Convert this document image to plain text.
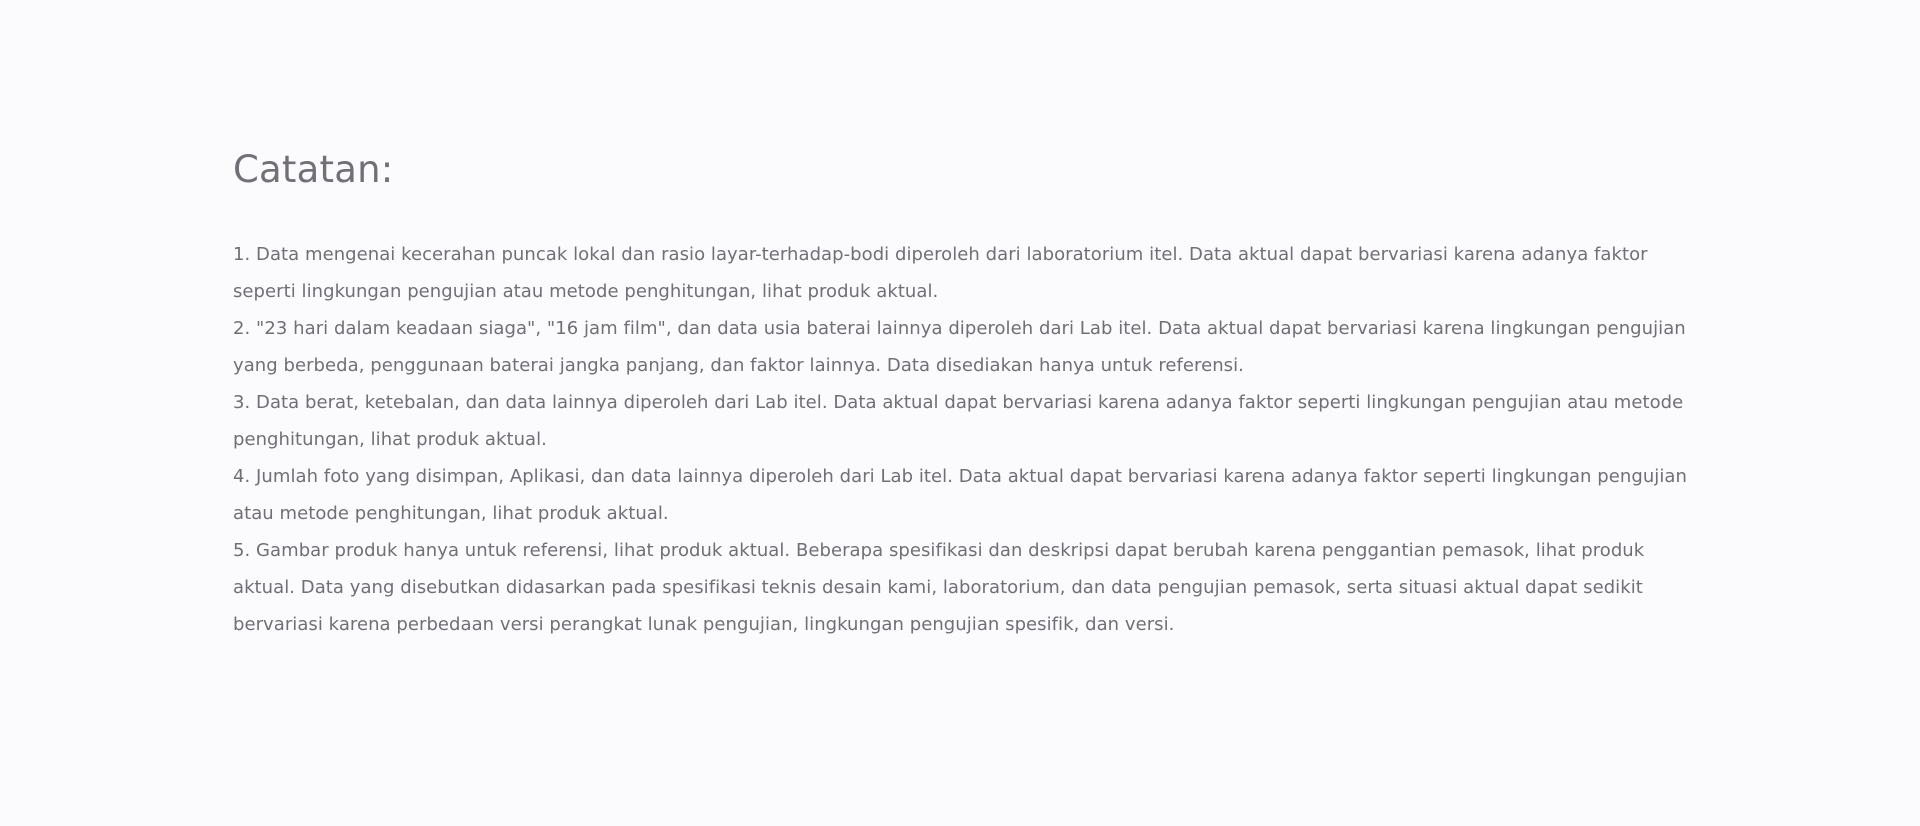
Catatan:
1. Data mengenai kecerahan puncak lokal dan rasio layar-terhadap-bodi diperoleh dari laboratorium itel. Data aktual dapat bervariasi karena adanya faktor seperti lingkungan pengujian atau metode penghitungan, lihat produk aktual.
2. "23 hari dalam keadaan siaga", "16 jam film", dan data usia baterai lainnya diperoleh dari Lab itel. Data aktual dapat bervariasi karena lingkungan pengujian yang berbeda, penggunaan baterai jangka panjang, dan faktor lainnya. Data disediakan hanya untuk referensi.
3. Data berat, ketebalan, dan data lainnya diperoleh dari Lab itel. Data aktual dapat bervariasi karena adanya faktor seperti lingkungan pengujian atau metode penghitungan, lihat produk aktual.
4. Jumlah foto yang disimpan, Aplikasi, dan data lainnya diperoleh dari Lab itel. Data aktual dapat bervariasi karena adanya faktor seperti lingkungan pengujian atau metode penghitungan, lihat produk aktual.
5. Gambar produk hanya untuk referensi, lihat produk aktual. Beberapa spesifikasi dan deskripsi dapat berubah karena penggantian pemasok, lihat produk aktual. Data yang disebutkan didasarkan pada spesifikasi teknis desain kami, laboratorium, dan data pengujian pemasok, serta situasi aktual dapat sedikit bervariasi karena perbedaan versi perangkat lunak pengujian, lingkungan pengujian spesifik, dan versi.
